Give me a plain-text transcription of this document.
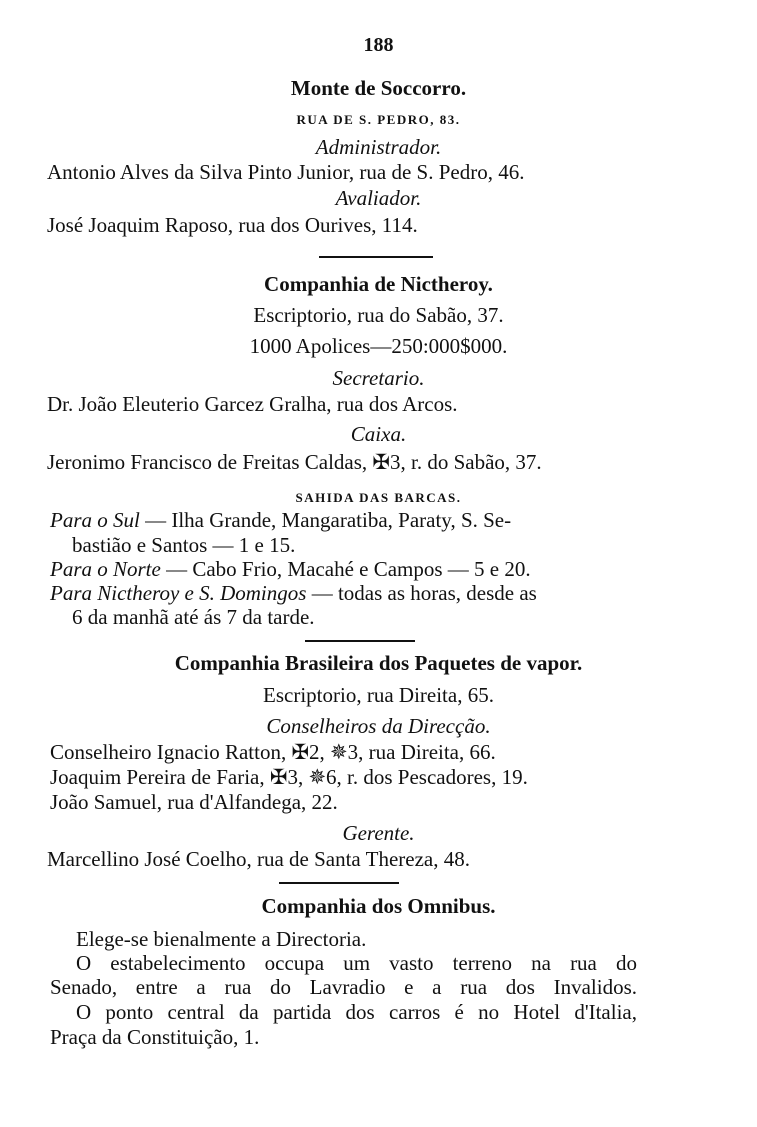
188
Monte de Soccorro.
RUA DE S. PEDRO, 83.
Administrador.
Antonio Alves da Silva Pinto Junior, rua de S. Pedro, 46.
Avaliador.
José Joaquim Raposo, rua dos Ourives, 114.
Companhia de Nictheroy.
Escriptorio, rua do Sabão, 37.
1000 Apolices—250:000$000.
Secretario.
Dr. João Eleuterio Garcez Gralha, rua dos Arcos.
Caixa.
Jeronimo Francisco de Freitas Caldas, ✠3, r. do Sabão, 37.
SAHIDA DAS BARCAS.
Para o Sul — Ilha Grande, Mangaratiba, Paraty, S. Se-
bastião e Santos — 1 e 15.
Para o Norte — Cabo Frio, Macahé e Campos — 5 e 20.
Para Nictheroy e S. Domingos — todas as horas, desde as
6 da manhã até ás 7 da tarde.
Companhia Brasileira dos Paquetes de vapor.
Escriptorio, rua Direita, 65.
Conselheiros da Direcção.
Conselheiro Ignacio Ratton, ✠2, ✵3, rua Direita, 66.
Joaquim Pereira de Faria, ✠3, ✵6, r. dos Pescadores, 19.
João Samuel, rua d'Alfandega, 22.
Gerente.
Marcellino José Coelho, rua de Santa Thereza, 48.
Companhia dos Omnibus.
Elege-se bienalmente a Directoria.
O estabelecimento occupa um vasto terreno na rua do
Senado, entre a rua do Lavradio e a rua dos Invalidos.
O ponto central da partida dos carros é no Hotel d'Italia,
Praça da Constituição, 1.
